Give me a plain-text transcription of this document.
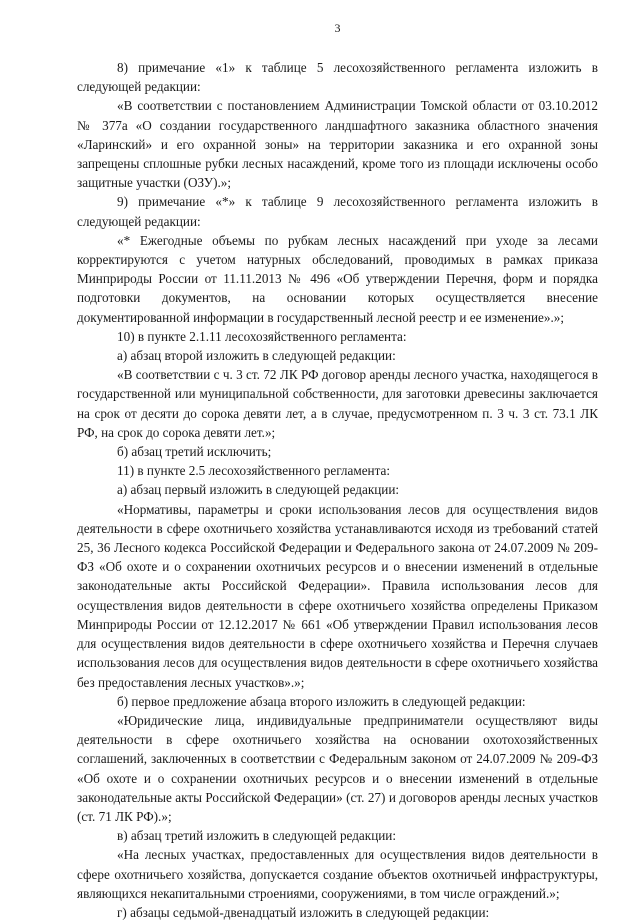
3

8) примечание «1» к таблице 5 лесохозяйственного регламента изложить в следующей редакции:

«В соответствии с постановлением Администрации Томской области от 03.10.2012 № 377а «О создании государственного ландшафтного заказника областного значения «Ларинский» и его охранной зоны» на территории заказника и его охранной зоны запрещены сплошные рубки лесных насаждений, кроме того из площади исключены особо защитные участки (ОЗУ).»;

9) примечание «*» к таблице 9 лесохозяйственного регламента изложить в следующей редакции:

«* Ежегодные объемы по рубкам лесных насаждений при уходе за лесами корректируются с учетом натурных обследований, проводимых в рамках приказа Минприроды России от 11.11.2013 № 496 «Об утверждении Перечня, форм и порядка подготовки документов, на основании которых осуществляется внесение документированной информации в государственный лесной реестр и ее изменение».»;

10) в пункте 2.1.11 лесохозяйственного регламента:

а) абзац второй изложить в следующей редакции:

«В соответствии с ч. 3 ст. 72 ЛК РФ договор аренды лесного участка, находящегося в государственной или муниципальной собственности, для заготовки древесины заключается на срок от десяти до сорока девяти лет, а в случае, предусмотренном п. 3 ч. 3 ст. 73.1 ЛК РФ, на срок до сорока девяти лет.»;

б) абзац третий исключить;

11) в пункте 2.5 лесохозяйственного регламента:

а) абзац первый изложить в следующей редакции:

«Нормативы, параметры и сроки использования лесов для осуществления видов деятельности в сфере охотничьего хозяйства устанавливаются исходя из требований статей 25, 36 Лесного кодекса Российской Федерации и Федерального закона от 24.07.2009 № 209-ФЗ «Об охоте и о сохранении охотничьих ресурсов и о внесении изменений в отдельные законодательные акты Российской Федерации». Правила использования лесов для осуществления видов деятельности в сфере охотничьего хозяйства определены Приказом Минприроды России от 12.12.2017 № 661 «Об утверждении Правил использования лесов для осуществления видов деятельности в сфере охотничьего хозяйства и Перечня случаев использования лесов для осуществления видов деятельности в сфере охотничьего хозяйства без предоставления лесных участков».»;

б) первое предложение абзаца второго изложить в следующей редакции:

«Юридические лица, индивидуальные предприниматели осуществляют виды деятельности в сфере охотничьего хозяйства на основании охотохозяйственных соглашений, заключенных в соответствии с Федеральным законом от 24.07.2009 № 209-ФЗ «Об охоте и о сохранении охотничьих ресурсов и о внесении изменений в отдельные законодательные акты Российской Федерации» (ст. 27) и договоров аренды лесных участков (ст. 71 ЛК РФ).»;

в) абзац третий изложить в следующей редакции:

«На лесных участках, предоставленных для осуществления видов деятельности в сфере охотничьего хозяйства, допускается создание объектов охотничьей инфраструктуры, являющихся некапитальными строениями, сооружениями, в том числе ограждений.»;

г) абзацы седьмой-двенадцатый изложить в следующей редакции:
